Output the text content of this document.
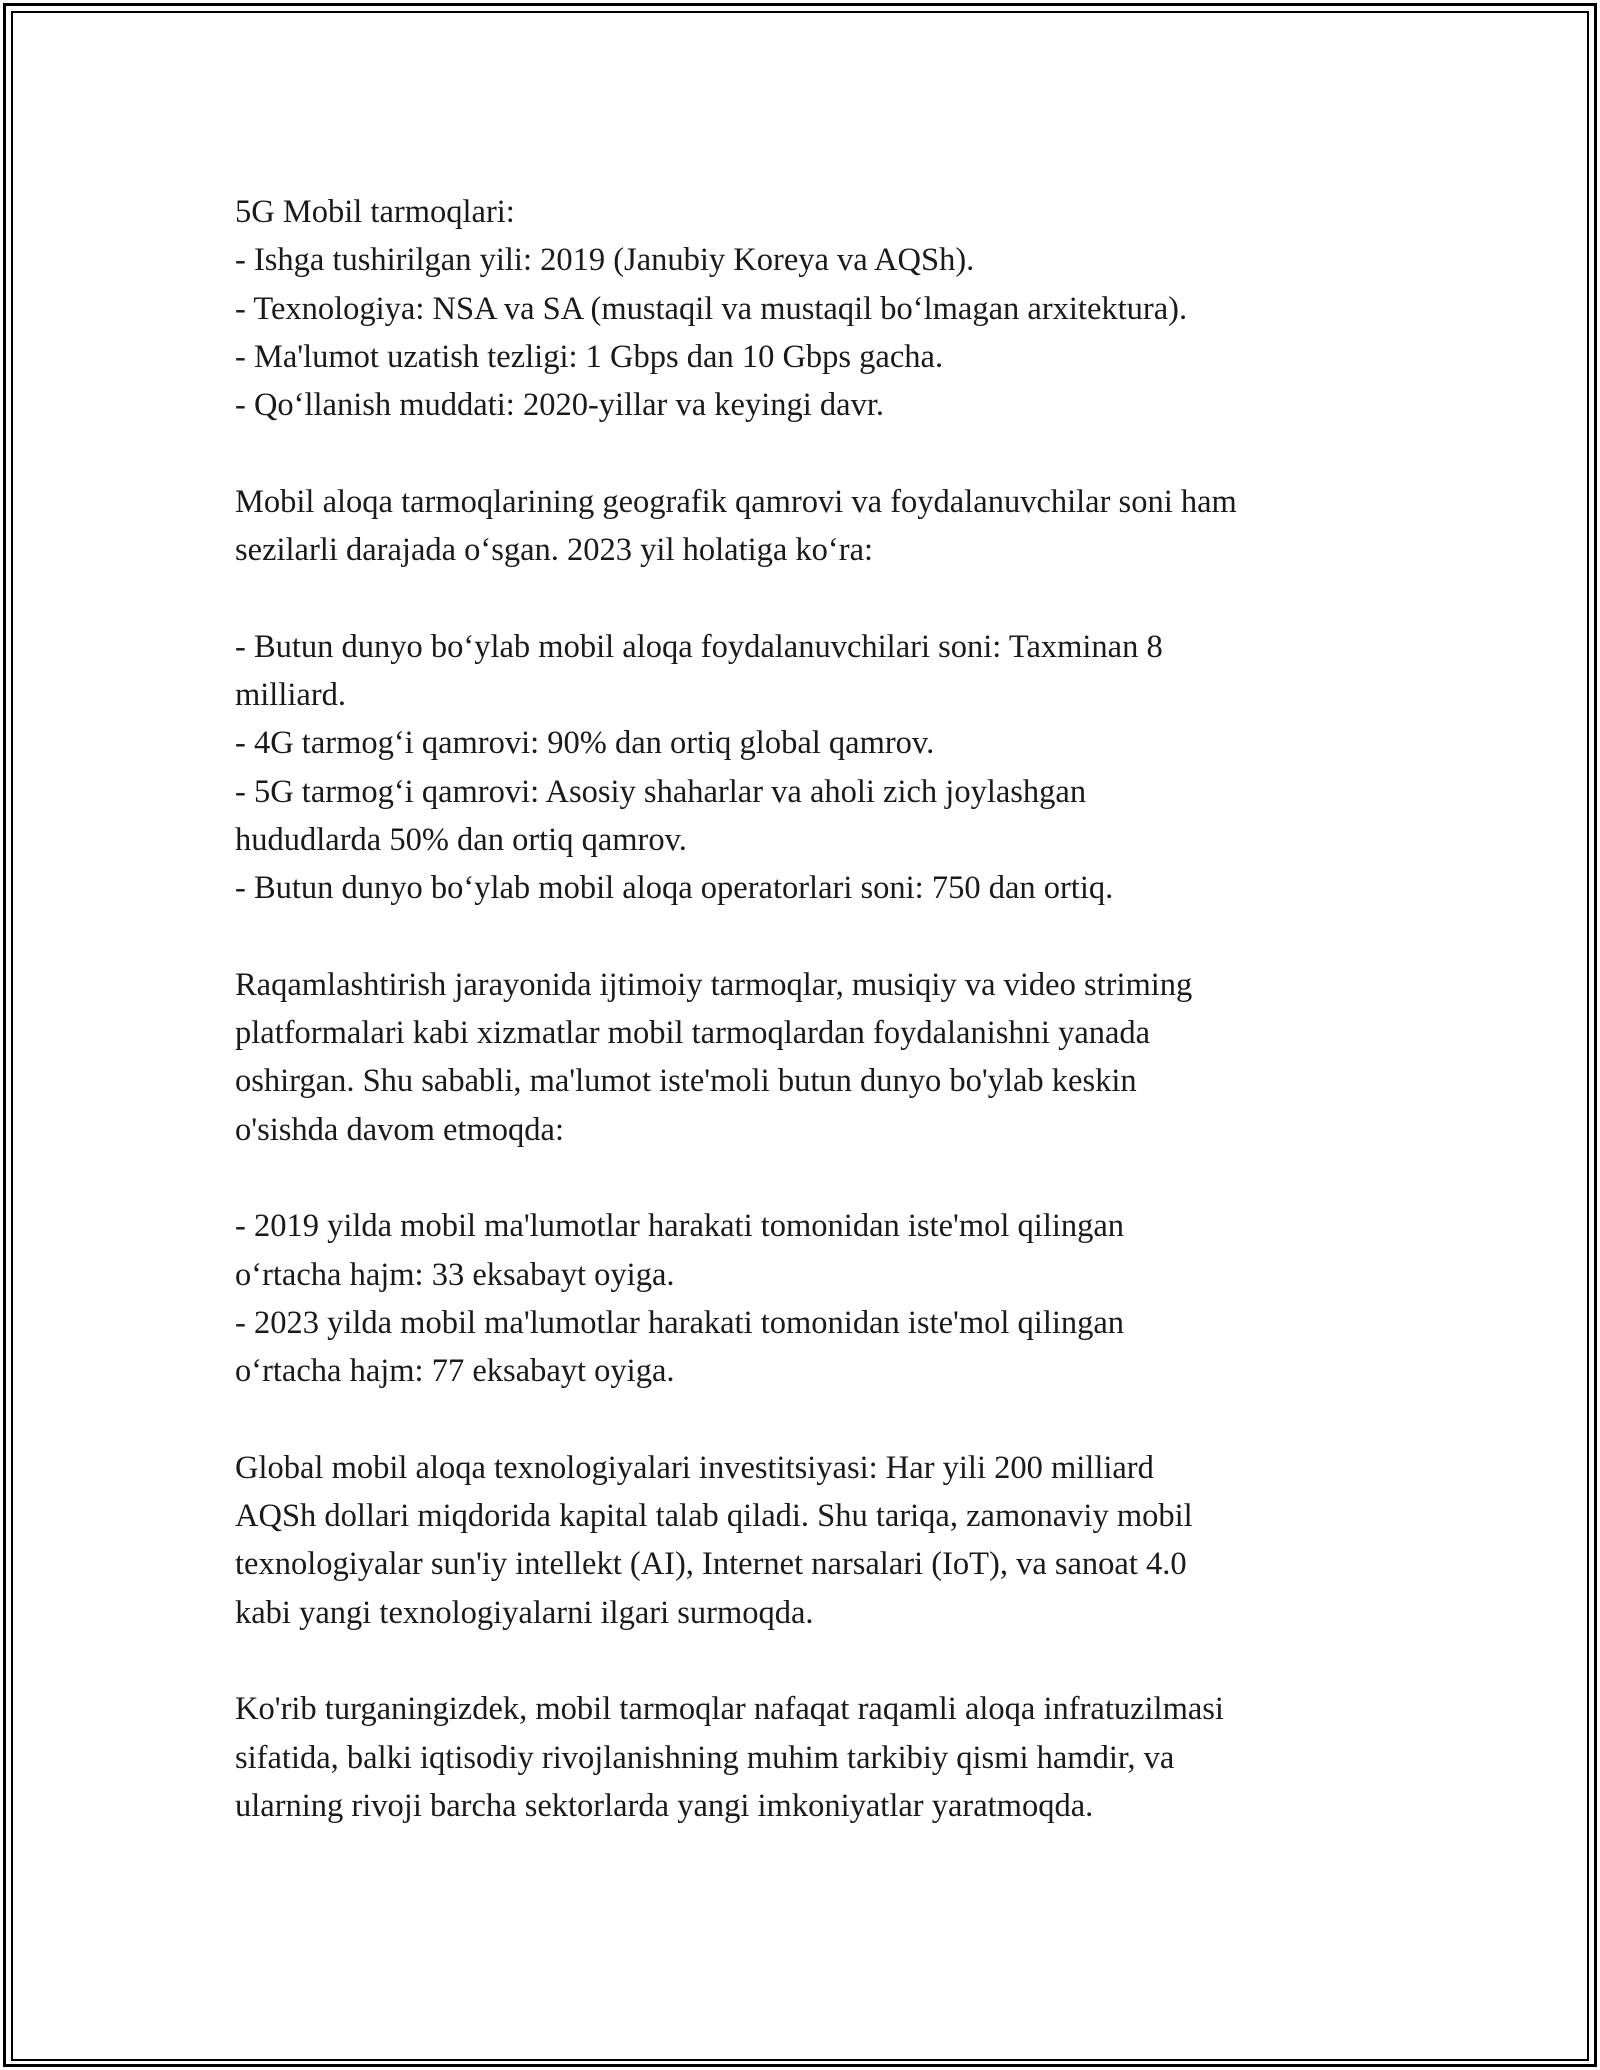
5G Mobil tarmoqlari:
- Ishga tushirilgan yili: 2019 (Janubiy Koreya va AQSh).
- Texnologiya: NSA va SA (mustaqil va mustaqil bo‘lmagan arxitektura).
- Ma'lumot uzatish tezligi: 1 Gbps dan 10 Gbps gacha.
- Qo‘llanish muddati: 2020-yillar va keyingi davr.
Mobil aloqa tarmoqlarining geografik qamrovi va foydalanuvchilar soni ham
sezilarli darajada o‘sgan. 2023 yil holatiga ko‘ra:
- Butun dunyo bo‘ylab mobil aloqa foydalanuvchilari soni: Taxminan 8
milliard.
- 4G tarmog‘i qamrovi: 90% dan ortiq global qamrov.
- 5G tarmog‘i qamrovi: Asosiy shaharlar va aholi zich joylashgan
hududlarda 50% dan ortiq qamrov.
- Butun dunyo bo‘ylab mobil aloqa operatorlari soni: 750 dan ortiq.
Raqamlashtirish jarayonida ijtimoiy tarmoqlar, musiqiy va video striming
platformalari kabi xizmatlar mobil tarmoqlardan foydalanishni yanada
oshirgan. Shu sababli, ma'lumot iste'moli butun dunyo bo'ylab keskin
o'sishda davom etmoqda:
- 2019 yilda mobil ma'lumotlar harakati tomonidan iste'mol qilingan
o‘rtacha hajm: 33 eksabayt oyiga.
- 2023 yilda mobil ma'lumotlar harakati tomonidan iste'mol qilingan
o‘rtacha hajm: 77 eksabayt oyiga.
Global mobil aloqa texnologiyalari investitsiyasi: Har yili 200 milliard
AQSh dollari miqdorida kapital talab qiladi. Shu tariqa, zamonaviy mobil
texnologiyalar sun'iy intellekt (AI), Internet narsalari (IoT), va sanoat 4.0
kabi yangi texnologiyalarni ilgari surmoqda.
Ko'rib turganingizdek, mobil tarmoqlar nafaqat raqamli aloqa infratuzilmasi
sifatida, balki iqtisodiy rivojlanishning muhim tarkibiy qismi hamdir, va
ularning rivoji barcha sektorlarda yangi imkoniyatlar yaratmoqda.
